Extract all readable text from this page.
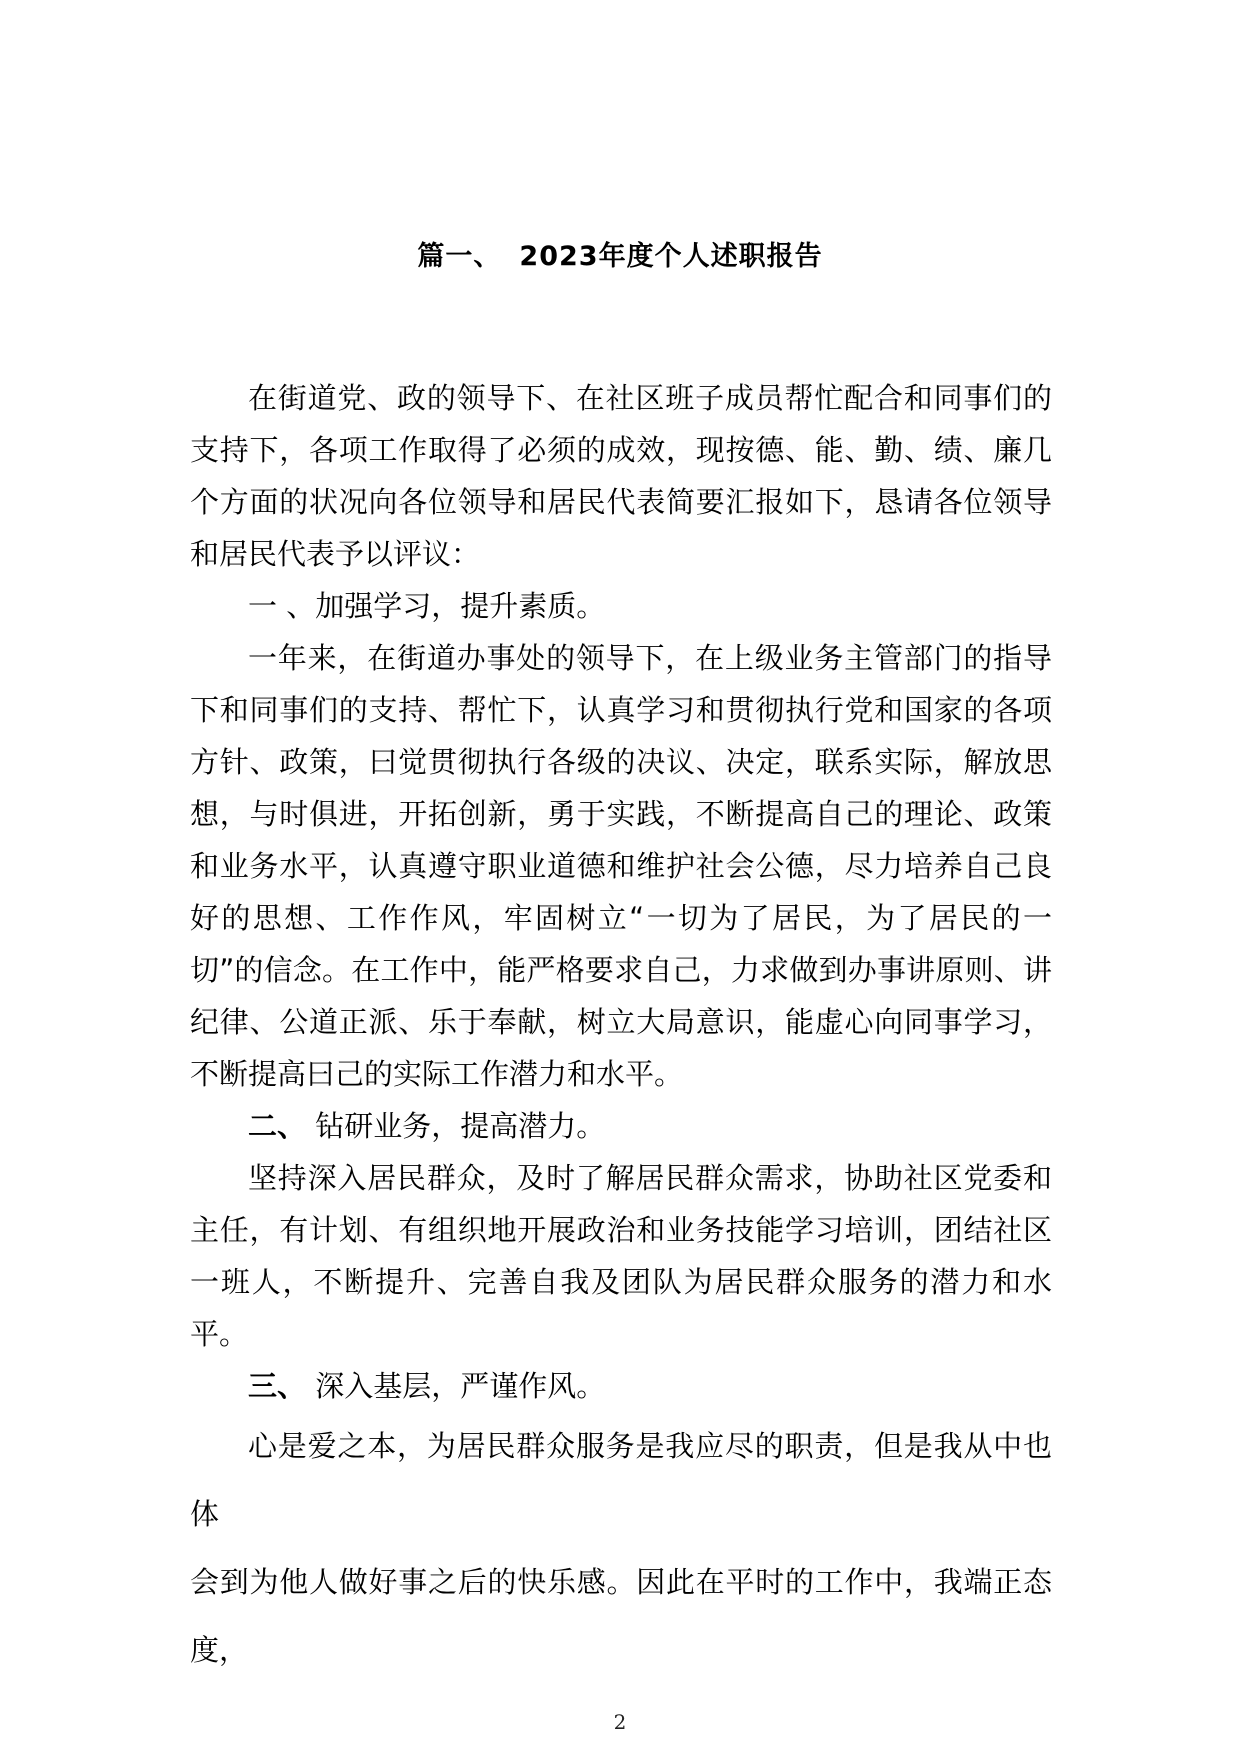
篇一、 2023年度个人述职报告

在街道党、政的领导下、在社区班子成员帮忙配合和同事们的支持下，各项工作取得了必须的成效，现按德、能、勤、绩、廉几个方面的状况向各位领导和居民代表简要汇报如下，恳请各位领导和居民代表予以评议：

一 、加强学习，提升素质。

一年来，在街道办事处的领导下，在上级业务主管部门的指导下和同事们的支持、帮忙下，认真学习和贯彻执行党和国家的各项方针、政策，曰觉贯彻执行各级的决议、决定，联系实际，解放思想，与时俱进，开拓创新，勇于实践，不断提高自己的理论、政策和业务水平，认真遵守职业道德和维护社会公德，尽力培养自己良好的思想、工作作风，牢固树立“一切为了居民，为了居民的一切”的信念。在工作中，能严格要求自己，力求做到办事讲原则、讲纪律、公道正派、乐于奉献，树立大局意识，能虚心向同事学习，不断提高曰己的实际工作潜力和水平。

二、 钻研业务，提高潜力。

坚持深入居民群众，及时了解居民群众需求，协助社区党委和主任，有计划、有组织地开展政治和业务技能学习培训，团结社区一班人，不断提升、完善自我及团队为居民群众服务的潜力和水平。

三、 深入基层，严谨作风。

心是爱之本，为居民群众服务是我应尽的职责，但是我从中也体

会到为他人做好事之后的快乐感。因此在平时的工作中，我端正态度，

2
